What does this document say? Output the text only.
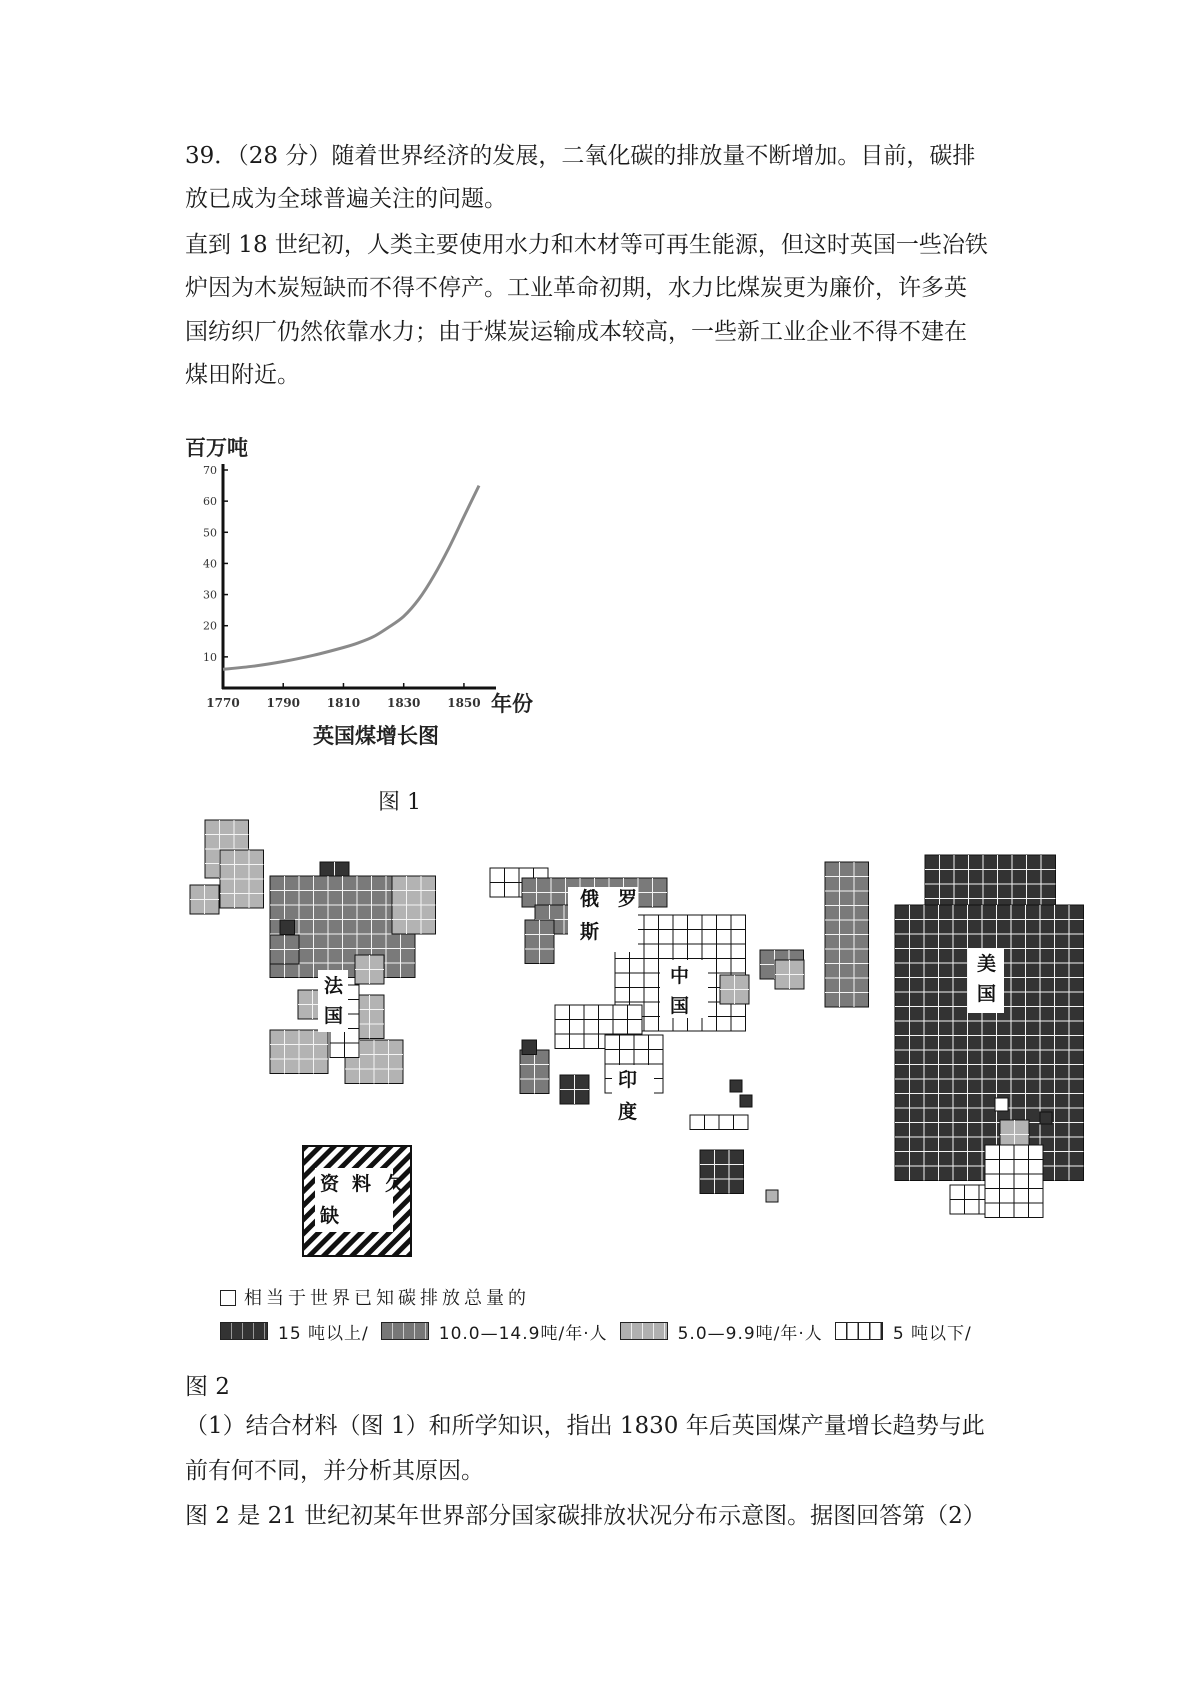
39．（28 分）随着世界经济的发展，二氧化碳的排放量不断增加。目前，碳排
放已成为全球普遍关注的问题。
直到 18 世纪初，人类主要使用水力和木材等可再生能源，但这时英国一些冶铁
炉因为木炭短缺而不得不停产。工业革命初期，水力比煤炭更为廉价，许多英
国纺织厂仍然依靠水力；由于煤炭运输成本较高，一些新工业企业不得不建在
煤田附近。
百万吨
10
20
30
40
50
60
70
1770 1790 1810 1830 1850 年份
英国煤增长图
图 1
法
国
俄 罗
斯
中
国
印
度
美
国
资 料 欠
缺
相当于世界已知碳排放总量的
15 吨以上/	10.0—14.9吨/年·人	5.0—9.9吨/年·人	5 吨以下/
图 2
（1）结合材料（图 1）和所学知识，指出 1830 年后英国煤产量增长趋势与此
前有何不同，并分析其原因。
图 2 是 21 世纪初某年世界部分国家碳排放状况分布示意图。据图回答第（2）
